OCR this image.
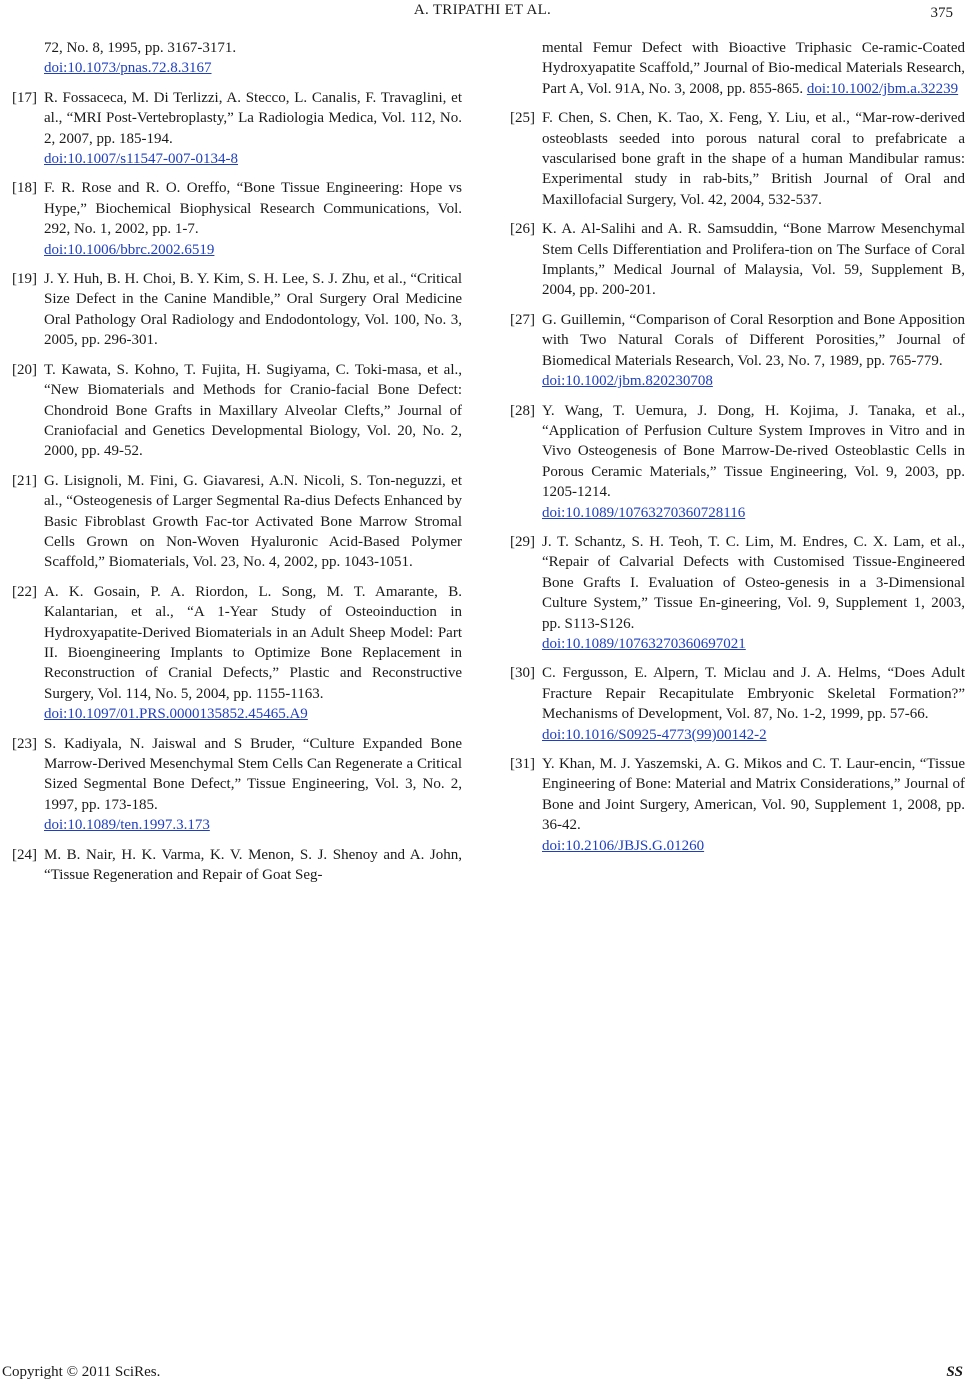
A. TRIPATHI ET AL.	375
72, No. 8, 1995, pp. 3167-3171.
doi:10.1073/pnas.72.8.3167
[17] R. Fossaceca, M. Di Terlizzi, A. Stecco, L. Canalis, F. Travaglini, et al., “MRI Post-Vertebroplasty,” La Radiologia Medica, Vol. 112, No. 2, 2007, pp. 185-194.
doi:10.1007/s11547-007-0134-8
[18] F. R. Rose and R. O. Oreffo, “Bone Tissue Engineering: Hope vs Hype,” Biochemical Biophysical Research Communications, Vol. 292, No. 1, 2002, pp. 1-7.
doi:10.1006/bbrc.2002.6519
[19] J. Y. Huh, B. H. Choi, B. Y. Kim, S. H. Lee, S. J. Zhu, et al., “Critical Size Defect in the Canine Mandible,” Oral Surgery Oral Medicine Oral Pathology Oral Radiology and Endodontology, Vol. 100, No. 3, 2005, pp. 296-301.
[20] T. Kawata, S. Kohno, T. Fujita, H. Sugiyama, C. Toki-masa, et al., “New Biomaterials and Methods for Cranio-facial Bone Defect: Chondroid Bone Grafts in Maxillary Alveolar Clefts,” Journal of Craniofacial and Genetics Developmental Biology, Vol. 20, No. 2, 2000, pp. 49-52.
[21] G. Lisignoli, M. Fini, G. Giavaresi, A.N. Nicoli, S. Ton-neguzzi, et al., “Osteogenesis of Larger Segmental Ra-dius Defects Enhanced by Basic Fibroblast Growth Fac-tor Activated Bone Marrow Stromal Cells Grown on Non-Woven Hyaluronic Acid-Based Polymer Scaffold,” Biomaterials, Vol. 23, No. 4, 2002, pp. 1043-1051.
[22] A. K. Gosain, P. A. Riordon, L. Song, M. T. Amarante, B. Kalantarian, et al., “A 1-Year Study of Osteoinduction in Hydroxyapatite-Derived Biomaterials in an Adult Sheep Model: Part II. Bioengineering Implants to Optimize Bone Replacement in Reconstruction of Cranial Defects,” Plastic and Reconstructive Surgery, Vol. 114, No. 5, 2004, pp. 1155-1163.
doi:10.1097/01.PRS.0000135852.45465.A9
[23] S. Kadiyala, N. Jaiswal and S Bruder, “Culture Expanded Bone Marrow-Derived Mesenchymal Stem Cells Can Regenerate a Critical Sized Segmental Bone Defect,” Tissue Engineering, Vol. 3, No. 2, 1997, pp. 173-185.
doi:10.1089/ten.1997.3.173
[24] M. B. Nair, H. K. Varma, K. V. Menon, S. J. Shenoy and A. John, “Tissue Regeneration and Repair of Goat Seg-
mental Femur Defect with Bioactive Triphasic Ce-ramic-Coated Hydroxyapatite Scaffold,” Journal of Bio-medical Materials Research, Part A, Vol. 91A, No. 3, 2008, pp. 855-865. doi:10.1002/jbm.a.32239
[25] F. Chen, S. Chen, K. Tao, X. Feng, Y. Liu, et al., “Mar-row-derived osteoblasts seeded into porous natural coral to prefabricate a vascularised bone graft in the shape of a human Mandibular ramus: Experimental study in rab-bits,” British Journal of Oral and Maxillofacial Surgery, Vol. 42, 2004, 532-537.
[26] K. A. Al-Salihi and A. R. Samsuddin, “Bone Marrow Mesenchymal Stem Cells Differentiation and Prolifera-tion on The Surface of Coral Implants,” Medical Journal of Malaysia, Vol. 59, Supplement B, 2004, pp. 200-201.
[27] G. Guillemin, “Comparison of Coral Resorption and Bone Apposition with Two Natural Corals of Different Porosities,” Journal of Biomedical Materials Research, Vol. 23, No. 7, 1989, pp. 765-779.
doi:10.1002/jbm.820230708
[28] Y. Wang, T. Uemura, J. Dong, H. Kojima, J. Tanaka, et al., “Application of Perfusion Culture System Improves in Vitro and in Vivo Osteogenesis of Bone Marrow-De-rived Osteoblastic Cells in Porous Ceramic Materials,” Tissue Engineering, Vol. 9, 2003, pp. 1205-1214.
doi:10.1089/10763270360728116
[29] J. T. Schantz, S. H. Teoh, T. C. Lim, M. Endres, C. X. Lam, et al., “Repair of Calvarial Defects with Customised Tissue-Engineered Bone Grafts I. Evaluation of Osteo-genesis in a 3-Dimensional Culture System,” Tissue En-gineering, Vol. 9, Supplement 1, 2003, pp. S113-S126.
doi:10.1089/10763270360697021
[30] C. Fergusson, E. Alpern, T. Miclau and J. A. Helms, “Does Adult Fracture Repair Recapitulate Embryonic Skeletal Formation?” Mechanisms of Development, Vol. 87, No. 1-2, 1999, pp. 57-66.
doi:10.1016/S0925-4773(99)00142-2
[31] Y. Khan, M. J. Yaszemski, A. G. Mikos and C. T. Laur-encin, “Tissue Engineering of Bone: Material and Matrix Considerations,” Journal of Bone and Joint Surgery, American, Vol. 90, Supplement 1, 2008, pp. 36-42.
doi:10.2106/JBJS.G.01260
Copyright © 2011 SciRes.	SS
